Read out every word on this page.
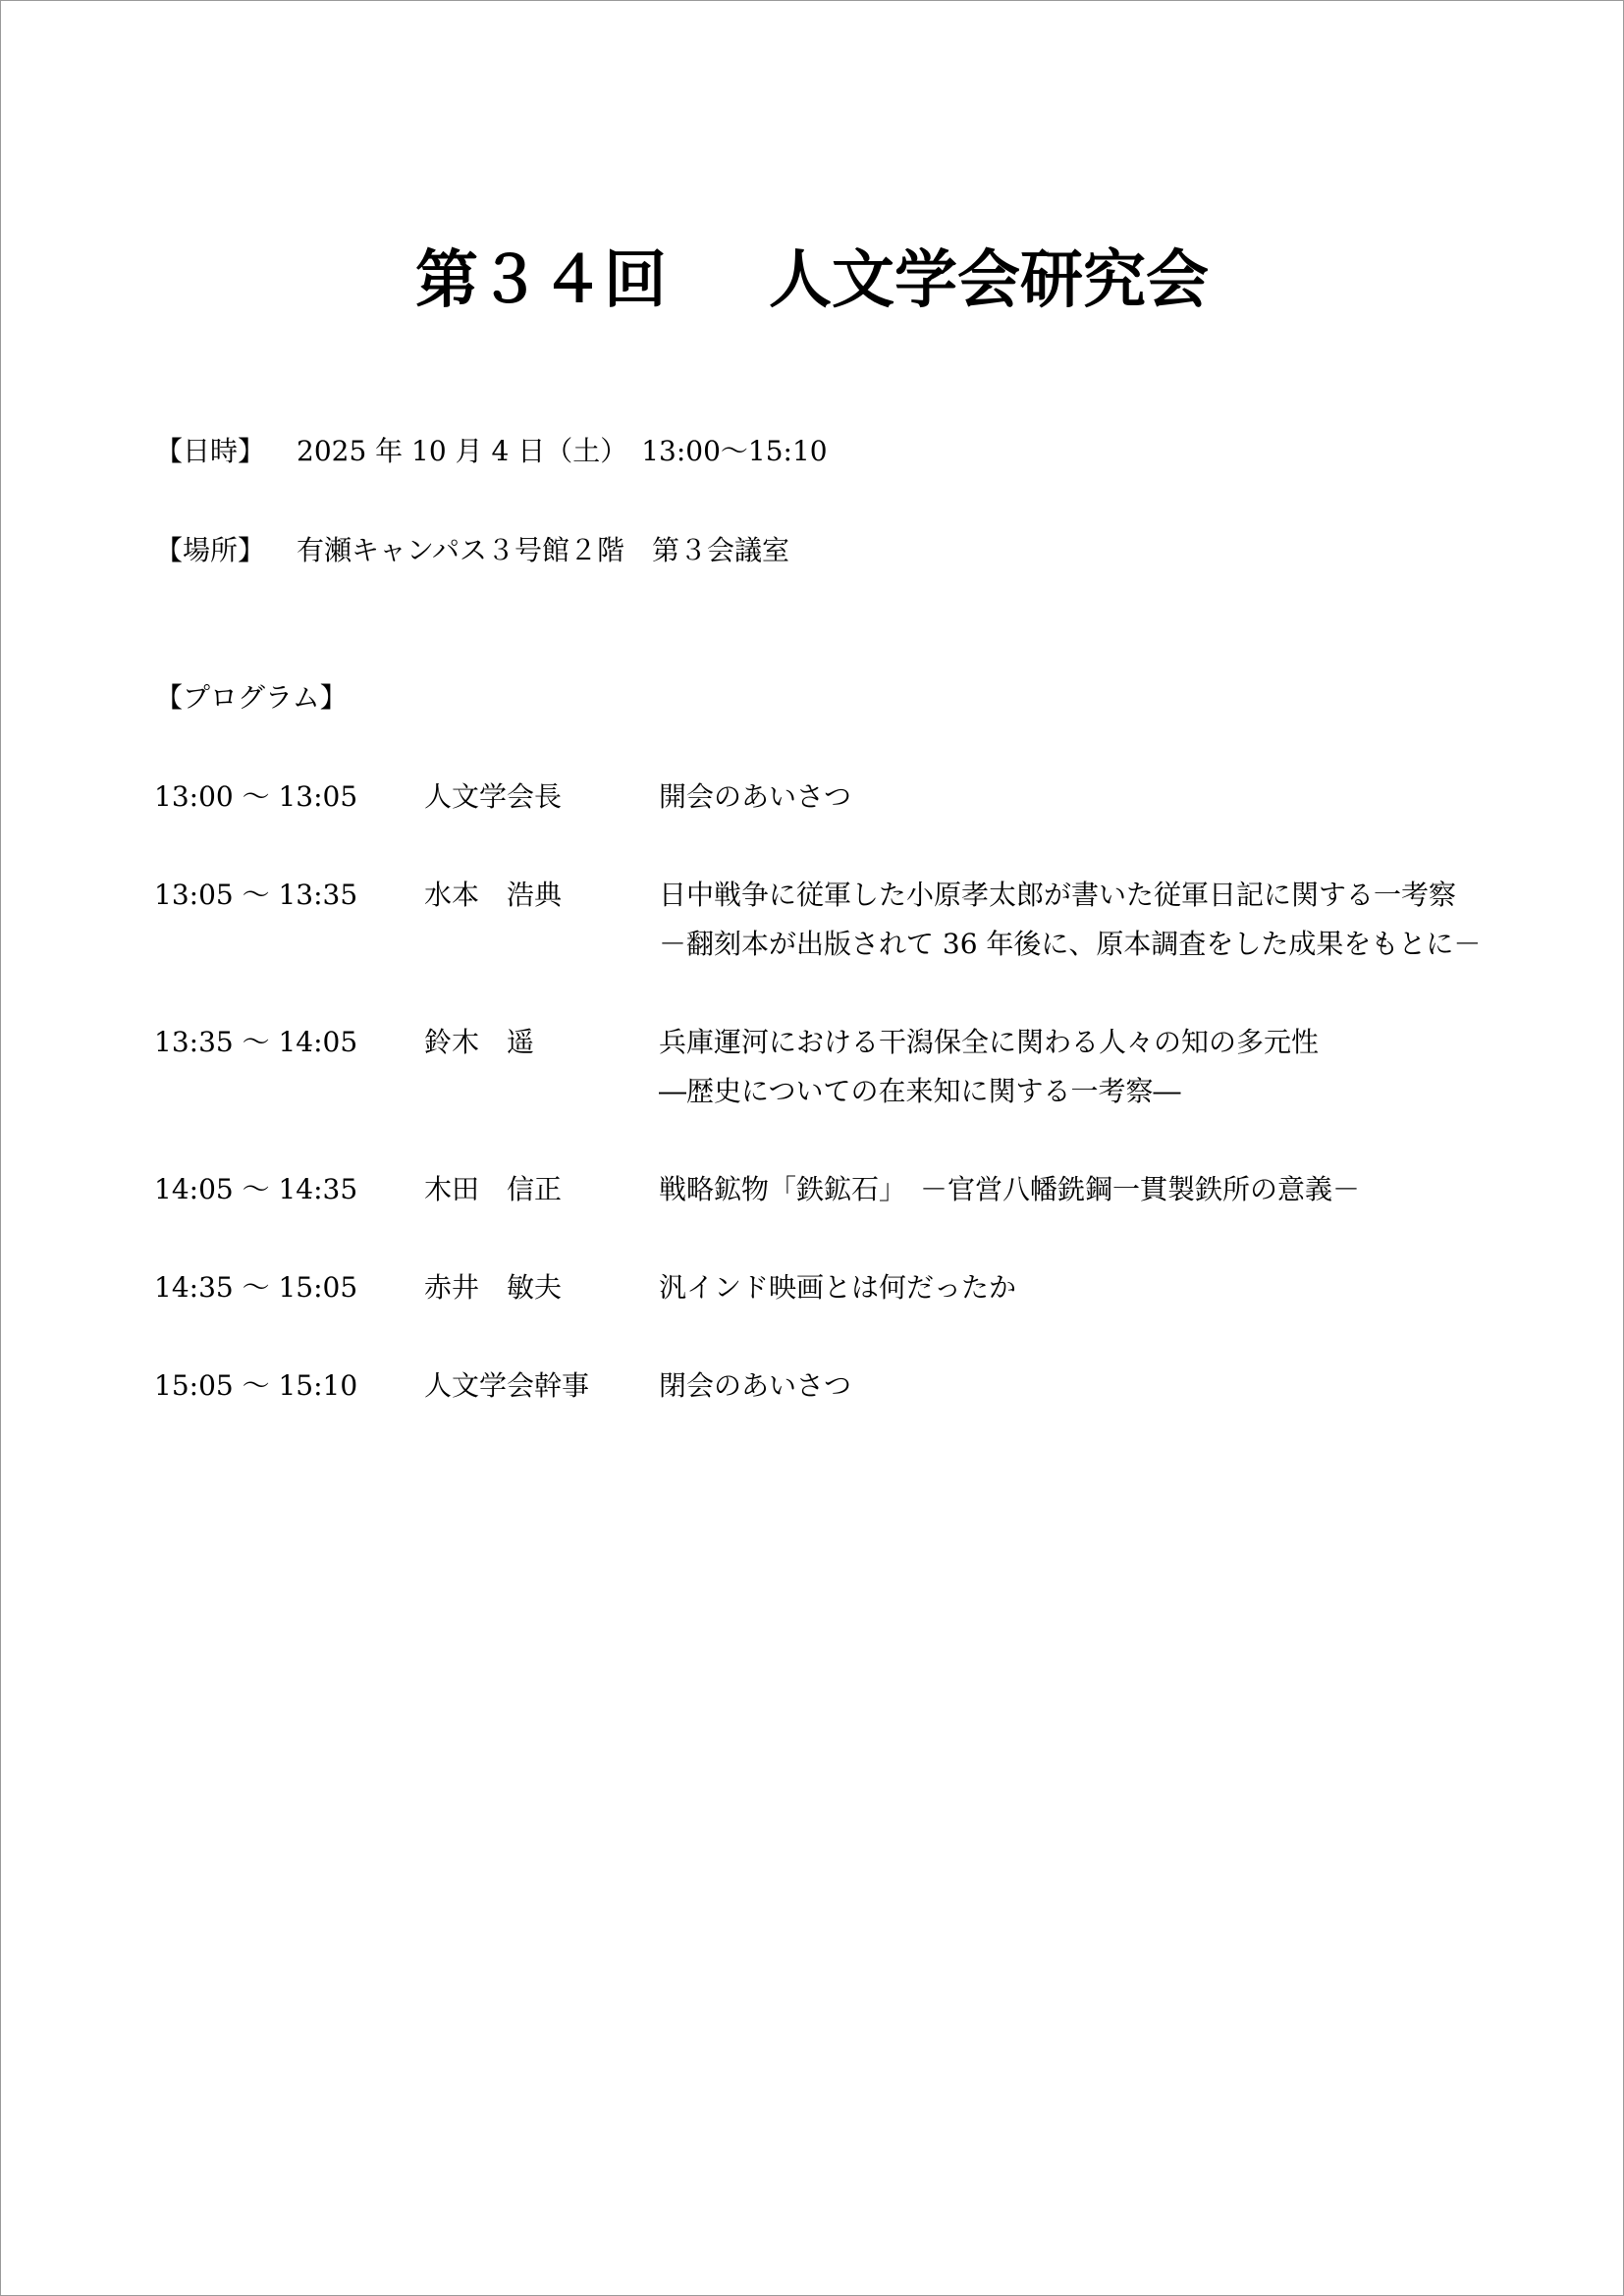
第３４回 人文学会研究会
【日時】 2025 年 10 月 4 日（土）　13:00〜15:10
【場所】 有瀬キャンパス３号館２階　第３会議室
【プログラム】
13:00 ～ 13:05 人文学会長	開会のあいさつ
13:05 ～ 13:35 水本　浩典	日中戦争に従軍した小原孝太郎が書いた従軍日記に関する一考察
－翻刻本が出版されて 36 年後に、原本調査をした成果をもとに－
13:35 ～ 14:05 鈴木　遥	兵庫運河における干潟保全に関わる人々の知の多元性
―歴史についての在来知に関する一考察―
14:05 ～ 14:35 木田　信正	戦略鉱物「鉄鉱石」　－官営八幡銑鋼一貫製鉄所の意義－
14:35 ～ 15:05 赤井　敏夫	汎インド映画とは何だったか
15:05 ～ 15:10 人文学会幹事	閉会のあいさつ
